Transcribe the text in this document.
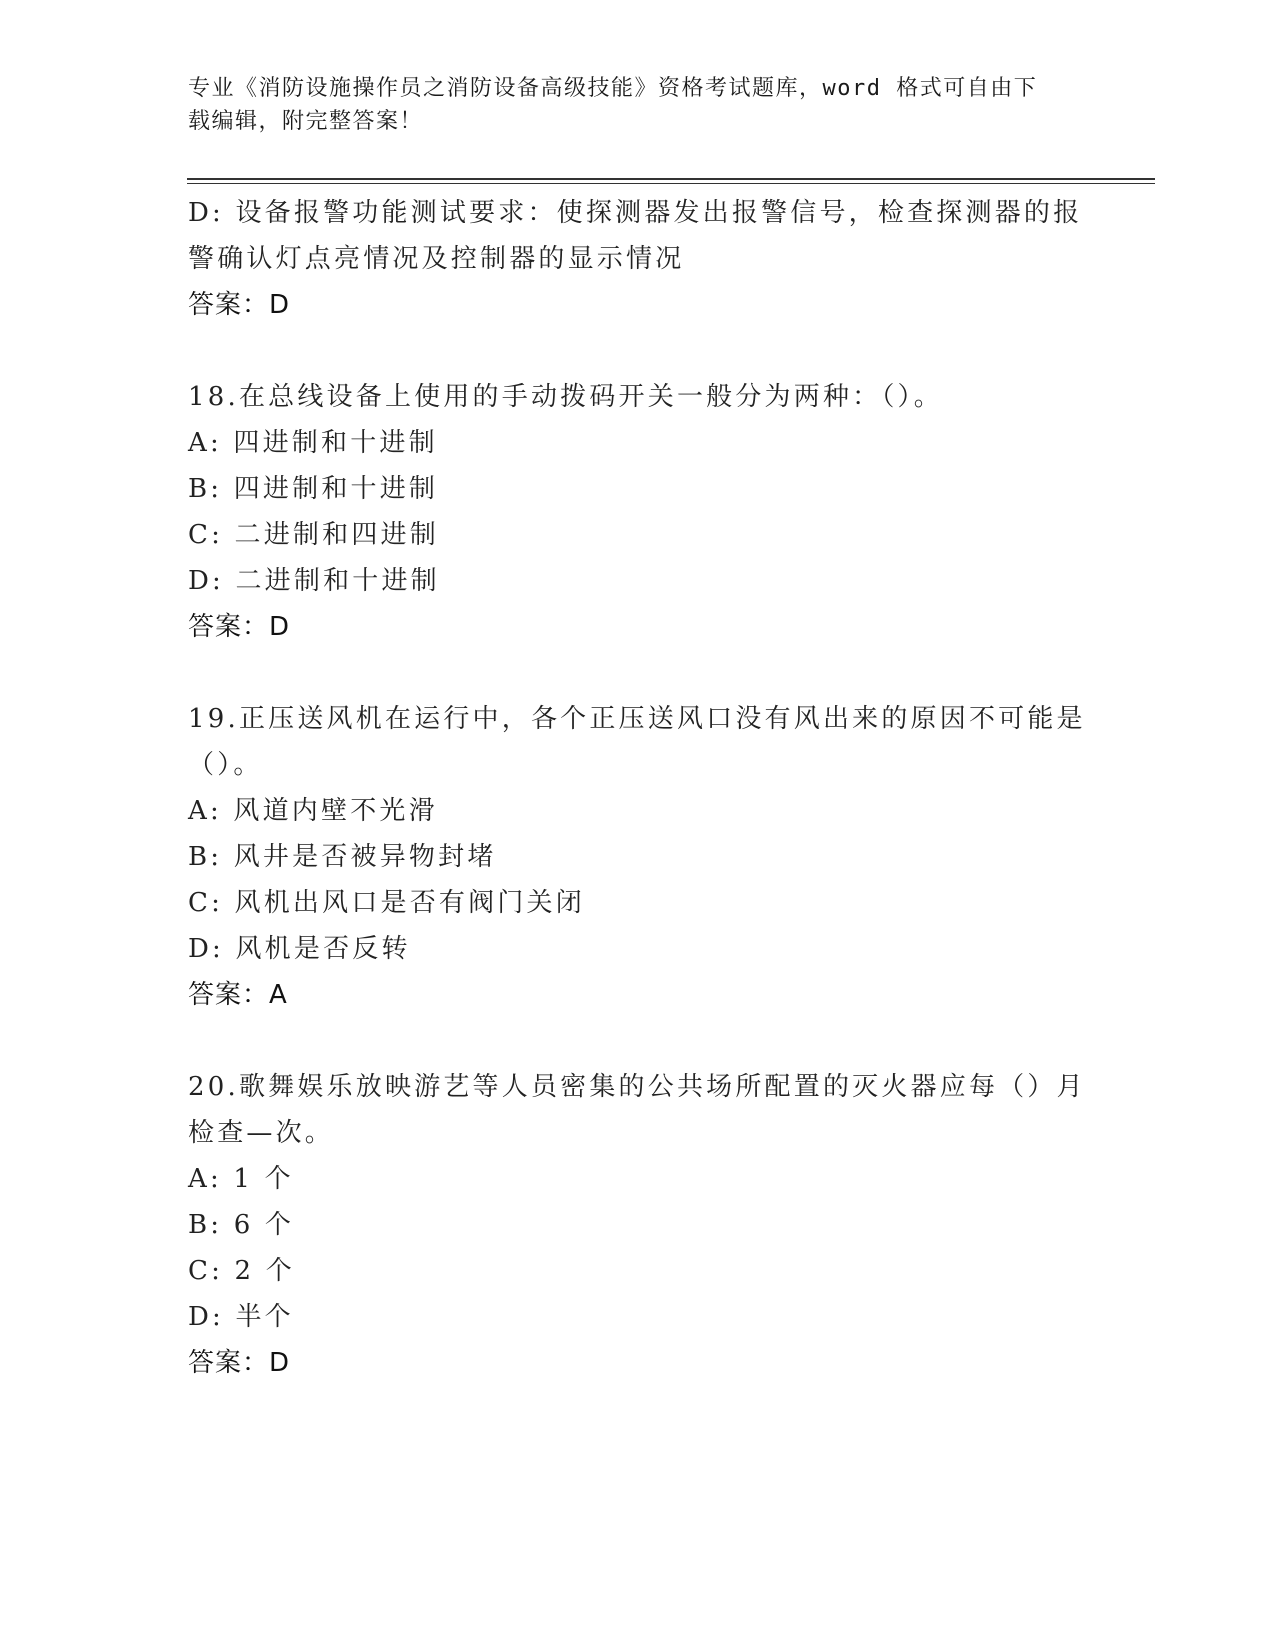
专业《消防设施操作员之消防设备高级技能》资格考试题库，word 格式可自由下
载编辑，附完整答案！
D: 设备报警功能测试要求：使探测器发出报警信号，检查探测器的报
警确认灯点亮情况及控制器的显示情况
答案：D
18.在总线设备上使用的手动拨码开关一般分为两种：（）。
A: 四进制和十进制
B: 四进制和十进制
C: 二进制和四进制
D: 二进制和十进制
答案：D
19.正压送风机在运行中，各个正压送风口没有风出来的原因不可能是
（）。
A: 风道内壁不光滑
B: 风井是否被异物封堵
C: 风机出风口是否有阀门关闭
D: 风机是否反转
答案：A
20.歌舞娱乐放映游艺等人员密集的公共场所配置的灭火器应每（）月
检查—次。
A: 1 个
B: 6 个
C: 2 个
D: 半个
答案：D
